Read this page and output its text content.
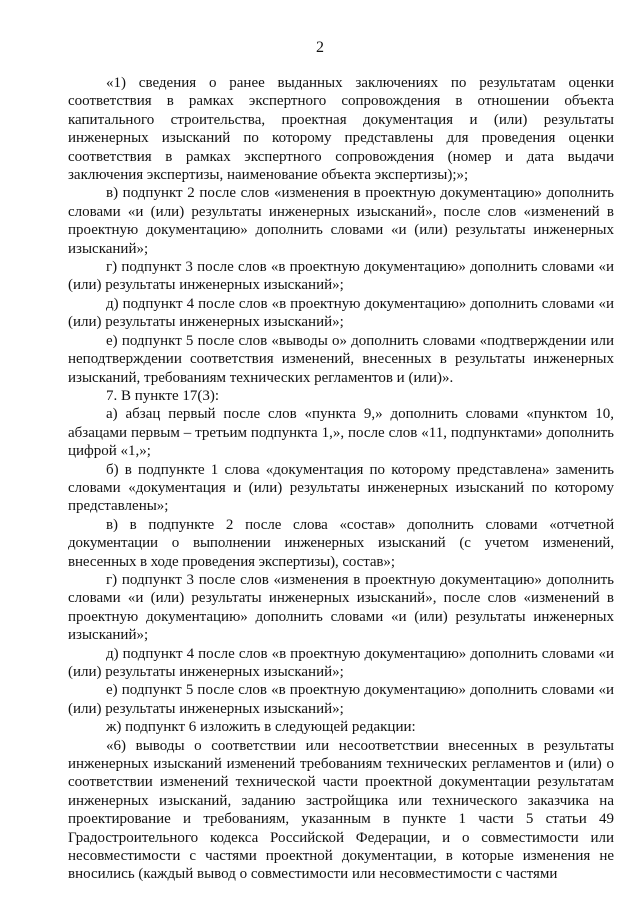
2

«1) сведения о ранее выданных заключениях по результатам оценки соответствия в рамках экспертного сопровождения в отношении объекта капитального строительства, проектная документация и (или) результаты инженерных изысканий по которому представлены для проведения оценки соответствия в рамках экспертного сопровождения (номер и дата выдачи заключения экспертизы, наименование объекта экспертизы);»;

в) подпункт 2 после слов «изменения в проектную документацию» дополнить словами «и (или) результаты инженерных изысканий», после слов «изменений в проектную документацию» дополнить словами «и (или) результаты инженерных изысканий»;

г) подпункт 3 после слов «в проектную документацию» дополнить словами «и (или) результаты инженерных изысканий»;

д) подпункт 4 после слов «в проектную документацию» дополнить словами «и (или) результаты инженерных изысканий»;

е) подпункт 5 после слов «выводы о» дополнить словами «подтверждении или неподтверждении соответствия изменений, внесенных в результаты инженерных изысканий, требованиям технических регламентов и (или)».

7. В пункте 17(3):

а) абзац первый после слов «пункта 9,» дополнить словами «пунктом 10, абзацами первым – третьим подпункта 1,», после слов «11, подпунктами» дополнить цифрой «1,»;

б) в подпункте 1 слова «документация по которому представлена» заменить словами «документация и (или) результаты инженерных изысканий по которому представлены»;

в) в подпункте 2 после слова «состав» дополнить словами «отчетной документации о выполнении инженерных изысканий (с учетом изменений, внесенных в ходе проведения экспертизы), состав»;

г) подпункт 3 после слов «изменения в проектную документацию» дополнить словами «и (или) результаты инженерных изысканий», после слов «изменений в проектную документацию» дополнить словами «и (или) результаты инженерных изысканий»;

д) подпункт 4 после слов «в проектную документацию» дополнить словами «и (или) результаты инженерных изысканий»;

е) подпункт 5 после слов «в проектную документацию» дополнить словами «и (или) результаты инженерных изысканий»;

ж) подпункт 6 изложить в следующей редакции:

«6) выводы о соответствии или несоответствии внесенных в результаты инженерных изысканий изменений требованиям технических регламентов и (или) о соответствии изменений технической части проектной документации результатам инженерных изысканий, заданию застройщика или технического заказчика на проектирование и требованиям, указанным в пункте 1 части 5 статьи 49 Градостроительного кодекса Российской Федерации, и о совместимости или несовместимости с частями проектной документации, в которые изменения не вносились (каждый вывод о совместимости или несовместимости с частями
